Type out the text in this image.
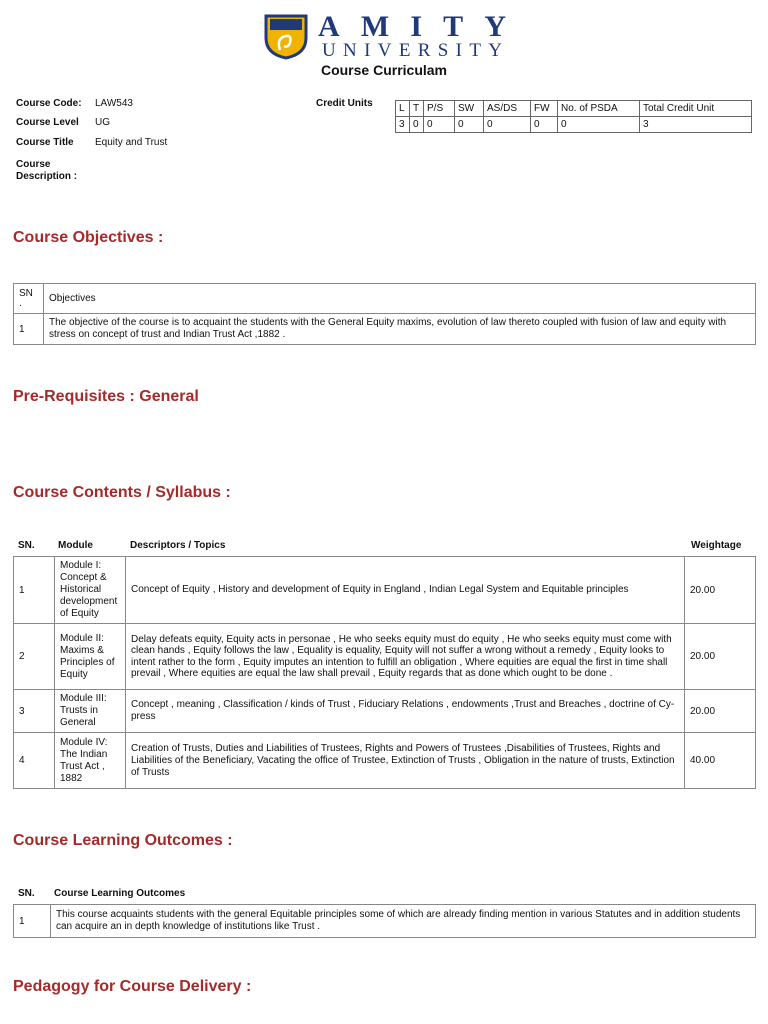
AMITY
UNIVERSITY
Course Curriculam
Course Code: LAW543
Course Level UG
Course Title Equity and Trust
Course
Description :
Credit Units	L	T	P/S	SW	AS/DS	FW	No. of PSDA	Total Credit Unit
3	0	0	0	0	0	0	3
Course Objectives :
SN
.	Objectives
1	The objective of the course is to acquaint the students with the General Equity maxims, evolution of law thereto coupled with fusion of law and equity with stress on concept of trust and Indian Trust Act ,1882 .
Pre-Requisites : General
Course Contents / Syllabus :
SN.	Module	Descriptors / Topics	Weightage
1	Module I: Concept & Historical development of Equity	Concept of Equity , History and development of Equity in England , Indian Legal System and Equitable principles	20.00
2	Module II: Maxims & Principles of Equity	Delay defeats equity, Equity acts in personae , He who seeks equity must do equity , He who seeks equity must come with clean hands , Equity follows the law , Equality is equality, Equity will not suffer a wrong without a remedy , Equity looks to intent rather to the form , Equity imputes an intention to fulfill an obligation , Where equities are equal the first in time shall prevail , Where equities are equal the law shall prevail , Equity regards that as done which ought to be done .	20.00
3	Module III: Trusts in General	Concept , meaning , Classification / kinds of Trust , Fiduciary Relations , endowments ,Trust and Breaches , doctrine of Cy-press	20.00
4	Module IV: The Indian Trust Act , 1882	Creation of Trusts, Duties and Liabilities of Trustees, Rights and Powers of Trustees ,Disabilities of Trustees, Rights and Liabilities of the Beneficiary, Vacating the office of Trustee, Extinction of Trusts , Obligation in the nature of trusts, Extinction of Trusts	40.00
Course Learning Outcomes :
SN.	Course Learning Outcomes
1	This course acquaints students with the general Equitable principles some of which are already finding mention in various Statutes and in addition students can acquire an in depth knowledge of institutions like Trust .
Pedagogy for Course Delivery :
